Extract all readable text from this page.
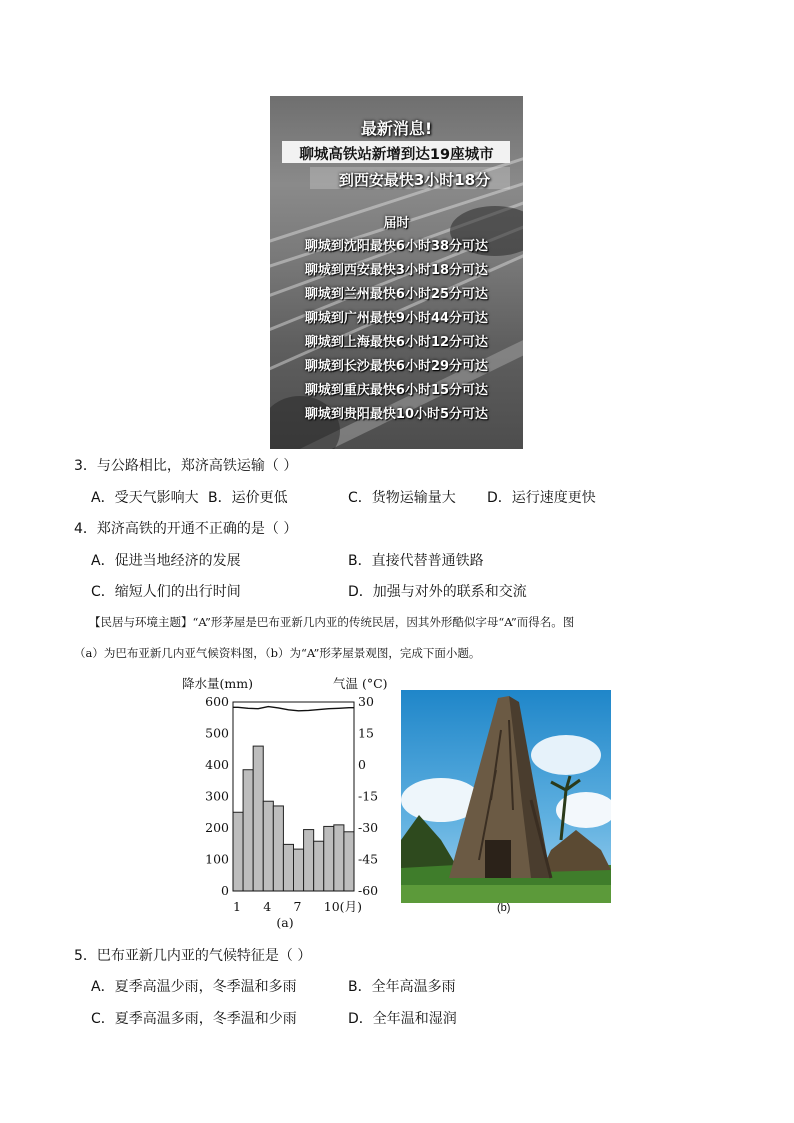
最新消息!
聊城高铁站新增到达19座城市
到西安最快3小时18分
届时
聊城到沈阳最快6小时38分可达
聊城到西安最快3小时18分可达
聊城到兰州最快6小时25分可达
聊城到广州最快9小时44分可达
聊城到上海最快6小时12分可达
聊城到长沙最快6小时29分可达
聊城到重庆最快6小时15分可达
聊城到贵阳最快10小时5分可达
3．与公路相比，郑济高铁运输（ ）
A．受天气影响大 B．运价更低	C．货物运输量大 D．运行速度更快
4．郑济高铁的开通不正确的是（ ）
A．促进当地经济的发展	B．直接代替普通铁路
C．缩短人们的出行时间	D．加强与对外的联系和交流
【民居与环境主题】“A”形茅屋是巴布亚新几内亚的传统民居，因其外形酷似字母“A”而得名。图
（a）为巴布亚新几内亚气候资料图，（b）为“A”形茅屋景观图，完成下面小题。
降水量(mm)	气温 (°C)
600
500
400
300
200
100
0
30
15
0
-15
-30
-45
-60
1 4 7 10(月)
(a)
(b)
5．巴布亚新几内亚的气候特征是（ ）
A．夏季高温少雨，冬季温和多雨	B．全年高温多雨
C．夏季高温多雨，冬季温和少雨	D．全年温和湿润
